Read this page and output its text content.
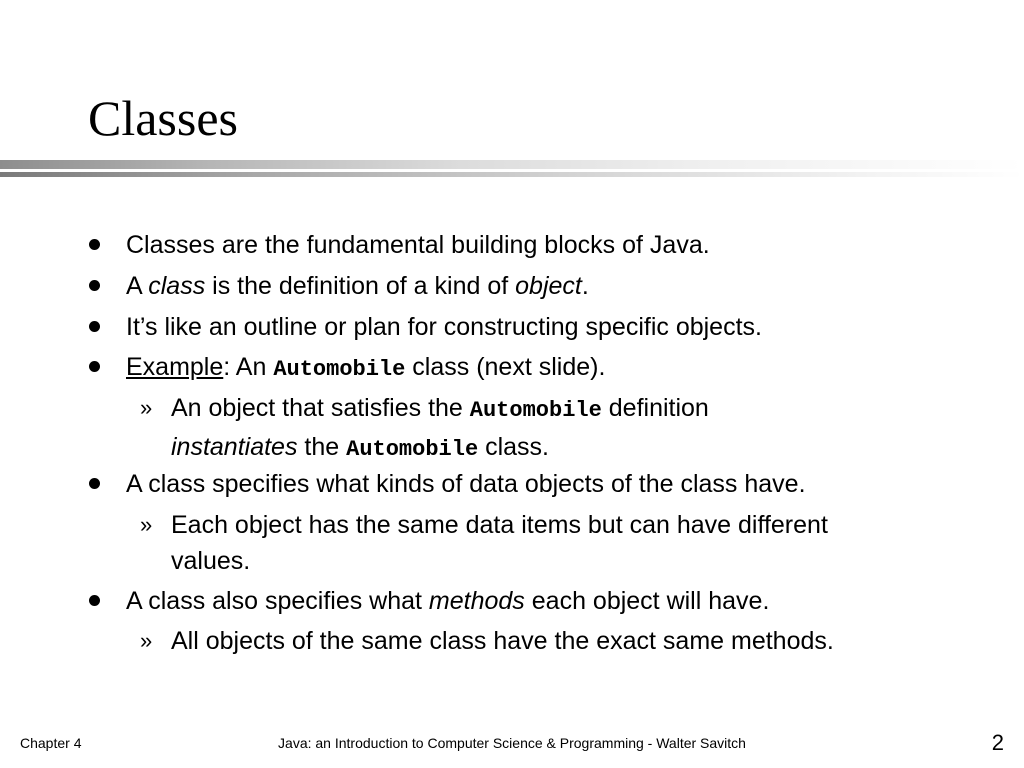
Classes
Classes are the fundamental building blocks of Java.
A class is the definition of a kind of object.
It’s like an outline or plan for constructing specific objects.
Example: An Automobile class (next slide).
» An object that satisfies the Automobile definition
instantiates the Automobile class.
A class specifies what kinds of data objects of the class have.
» Each object has the same data items but can have different
values.
A class also specifies what methods each object will have.
» All objects of the same class have the exact same methods.
Chapter 4	Java: an Introduction to Computer Science & Programming - Walter Savitch	2
